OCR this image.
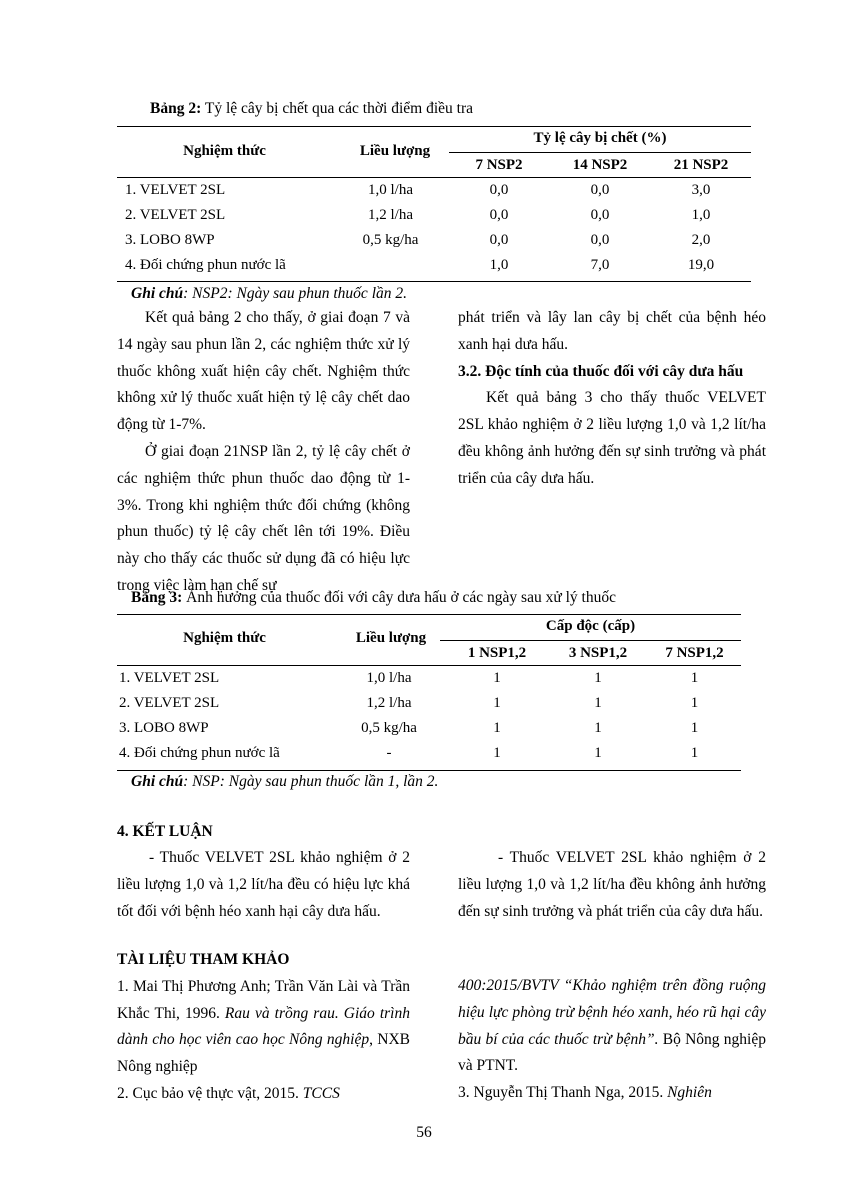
Bảng 2: Tỷ lệ cây bị chết qua các thời điểm điều tra
Nghiệm thức	Liều lượng
Tỷ lệ cây bị chết (%)
		7 NSP2	14 NSP2	21 NSP2
1. VELVET 2SL	1,0 l/ha	0,0	0,0	3,0
2. VELVET 2SL	1,2 l/ha	0,0	0,0	1,0
3. LOBO 8WP	0,5 kg/ha	0,0	0,0	2,0
4. Đối chứng phun nước lã		1,0	7,0	19,0
Ghi chú: NSP2: Ngày sau phun thuốc lần 2.

Kết quả bảng 2 cho thấy, ở giai đoạn 7 và 14 ngày sau phun lần 2, các nghiệm thức xử lý thuốc không xuất hiện cây chết. Nghiệm thức không xử lý thuốc xuất hiện tỷ lệ cây chết dao động từ 1-7%.

Ở giai đoạn 21NSP lần 2, tỷ lệ cây chết ở các nghiệm thức phun thuốc dao động từ 1-3%. Trong khi nghiệm thức đối chứng (không phun thuốc) tỷ lệ cây chết lên tới 19%. Điều này cho thấy các thuốc sử dụng đã có hiệu lực trong việc làm hạn chế sự

phát triển và lây lan cây bị chết của bệnh héo xanh hại dưa hấu.

3.2. Độc tính của thuốc đối với cây dưa hấu

Kết quả bảng 3 cho thấy thuốc VELVET 2SL khảo nghiệm ở 2 liều lượng 1,0 và 1,2 lít/ha đều không ảnh hưởng đến sự sinh trưởng và phát triển của cây dưa hấu.

Bảng 3: Ảnh hưởng của thuốc đối với cây dưa hấu ở các ngày sau xử lý thuốc
Nghiệm thức	Liều lượng
Cấp độc (cấp)
		1 NSP1,2	3 NSP1,2	7 NSP1,2
1. VELVET 2SL	1,0 l/ha	1	1	1
2. VELVET 2SL	1,2 l/ha	1	1	1
3. LOBO 8WP	0,5 kg/ha	1	1	1
4. Đối chứng phun nước lã	-	1	1	1
Ghi chú: NSP: Ngày sau phun thuốc lần 1, lần 2.
4. KẾT LUẬN

- Thuốc VELVET 2SL khảo nghiệm ở 2 liều lượng 1,0 và 1,2 lít/ha đều có hiệu lực khá tốt đối với bệnh héo xanh hại cây dưa hấu.

- Thuốc VELVET 2SL khảo nghiệm ở 2 liều lượng 1,0 và 1,2 lít/ha đều không ảnh hưởng đến sự sinh trưởng và phát triển của cây dưa hấu.

TÀI LIỆU THAM KHẢO

1. Mai Thị Phương Anh; Trần Văn Lài và Trần Khắc Thi, 1996. Rau và trồng rau. Giáo trình dành cho học viên cao học Nông nghiệp, NXB Nông nghiệp

2. Cục bảo vệ thực vật, 2015. TCCS

400:2015/BVTV “Khảo nghiệm trên đồng ruộng hiệu lực phòng trừ bệnh héo xanh, héo rũ hại cây bầu bí của các thuốc trừ bệnh”. Bộ Nông nghiệp và PTNT.

3. Nguyễn Thị Thanh Nga, 2015. Nghiên

56
